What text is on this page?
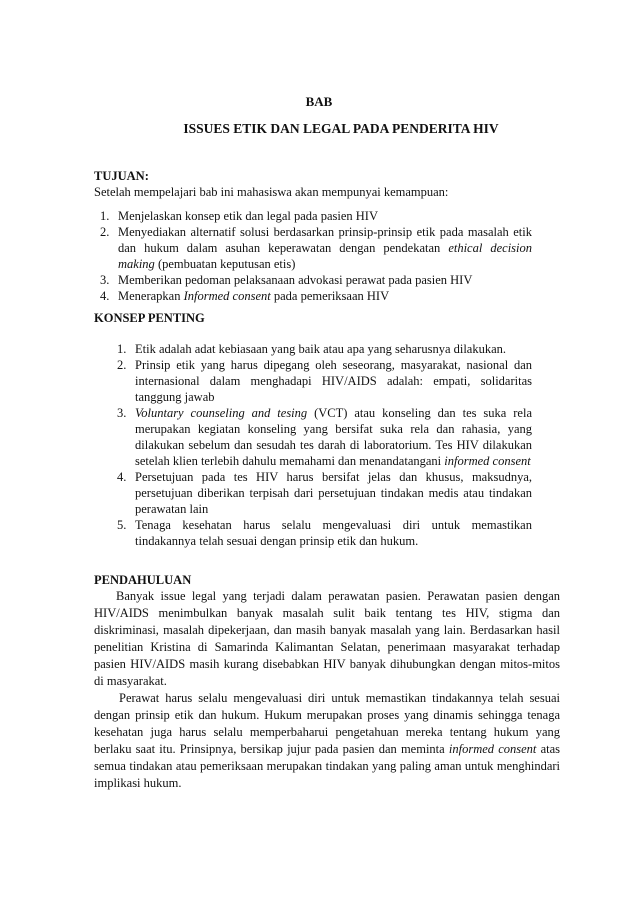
BAB
ISSUES ETIK DAN LEGAL PADA PENDERITA HIV
TUJUAN:
Setelah mempelajari bab ini mahasiswa akan mempunyai kemampuan:
1. Menjelaskan konsep etik dan legal pada pasien HIV
2. Menyediakan alternatif solusi berdasarkan prinsip-prinsip etik pada masalah etik dan hukum dalam asuhan keperawatan dengan pendekatan ethical decision making (pembuatan keputusan etis)
3. Memberikan pedoman pelaksanaan advokasi perawat pada pasien HIV
4. Menerapkan Informed consent pada pemeriksaan HIV
KONSEP PENTING
1. Etik adalah adat kebiasaan yang baik atau apa yang seharusnya dilakukan.
2. Prinsip etik yang harus dipegang oleh seseorang, masyarakat, nasional dan internasional dalam menghadapi HIV/AIDS adalah: empati, solidaritas tanggung jawab
3. Voluntary counseling and tesing (VCT) atau konseling dan tes suka rela merupakan kegiatan konseling yang bersifat suka rela dan rahasia, yang dilakukan sebelum dan sesudah tes darah di laboratorium. Tes HIV dilakukan setelah klien terlebih dahulu memahami dan menandatangani informed consent
4. Persetujuan pada tes HIV harus bersifat jelas dan khusus, maksudnya, persetujuan diberikan terpisah dari persetujuan tindakan medis atau tindakan perawatan lain
5. Tenaga kesehatan harus selalu mengevaluasi diri untuk memastikan tindakannya telah sesuai dengan prinsip etik dan hukum.
PENDAHULUAN
Banyak issue legal yang terjadi dalam perawatan pasien. Perawatan pasien dengan HIV/AIDS menimbulkan banyak masalah sulit baik tentang tes HIV, stigma dan diskriminasi, masalah dipekerjaan, dan masih banyak masalah yang lain. Berdasarkan hasil penelitian Kristina di Samarinda Kalimantan Selatan, penerimaan masyarakat terhadap pasien HIV/AIDS masih kurang disebabkan HIV banyak dihubungkan dengan mitos-mitos di masyarakat.
Perawat harus selalu mengevaluasi diri untuk memastikan tindakannya telah sesuai dengan prinsip etik dan hukum. Hukum merupakan proses yang dinamis sehingga tenaga kesehatan juga harus selalu memperbaharui pengetahuan mereka tentang hukum yang berlaku saat itu. Prinsipnya, bersikap jujur pada pasien dan meminta informed consent atas semua tindakan atau pemeriksaan merupakan tindakan yang paling aman untuk menghindari implikasi hukum.
